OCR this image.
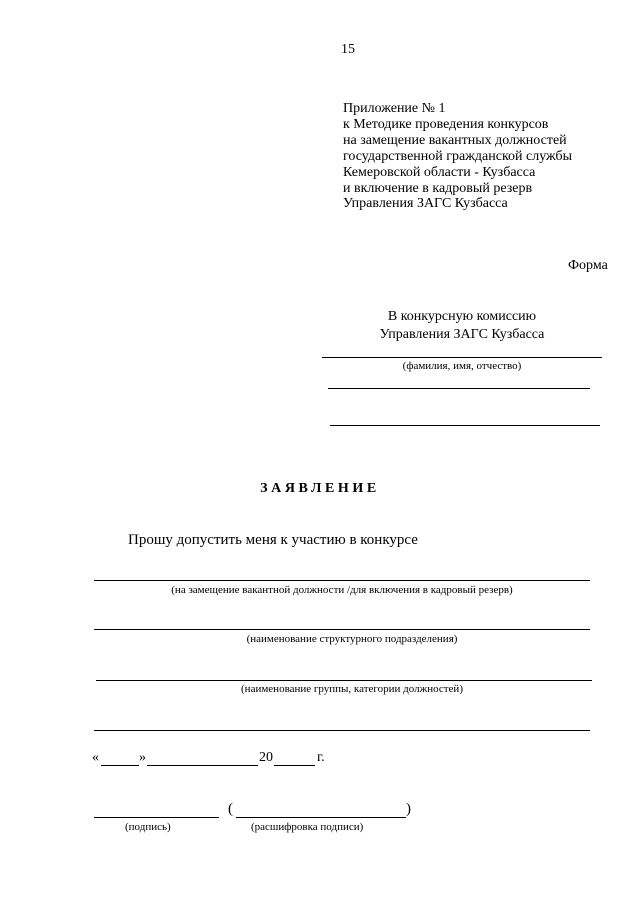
15
Приложение № 1
к Методике проведения конкурсов
на замещение вакантных должностей
государственной гражданской службы
Кемеровской области - Кузбасса
и включение в кадровый резерв
Управления ЗАГС Кузбасса
Форма
В конкурсную комиссию
Управления ЗАГС Кузбасса
(фамилия, имя, отчество)
ЗАЯВЛЕНИЕ
Прошу допустить меня к участию в конкурсе
(на замещение вакантной должности /для включения в кадровый резерв)
(наименование структурного подразделения)
(наименование группы, категории должностей)
«	»	20	г.
(подпись)
(	)
(расшифровка подписи)
